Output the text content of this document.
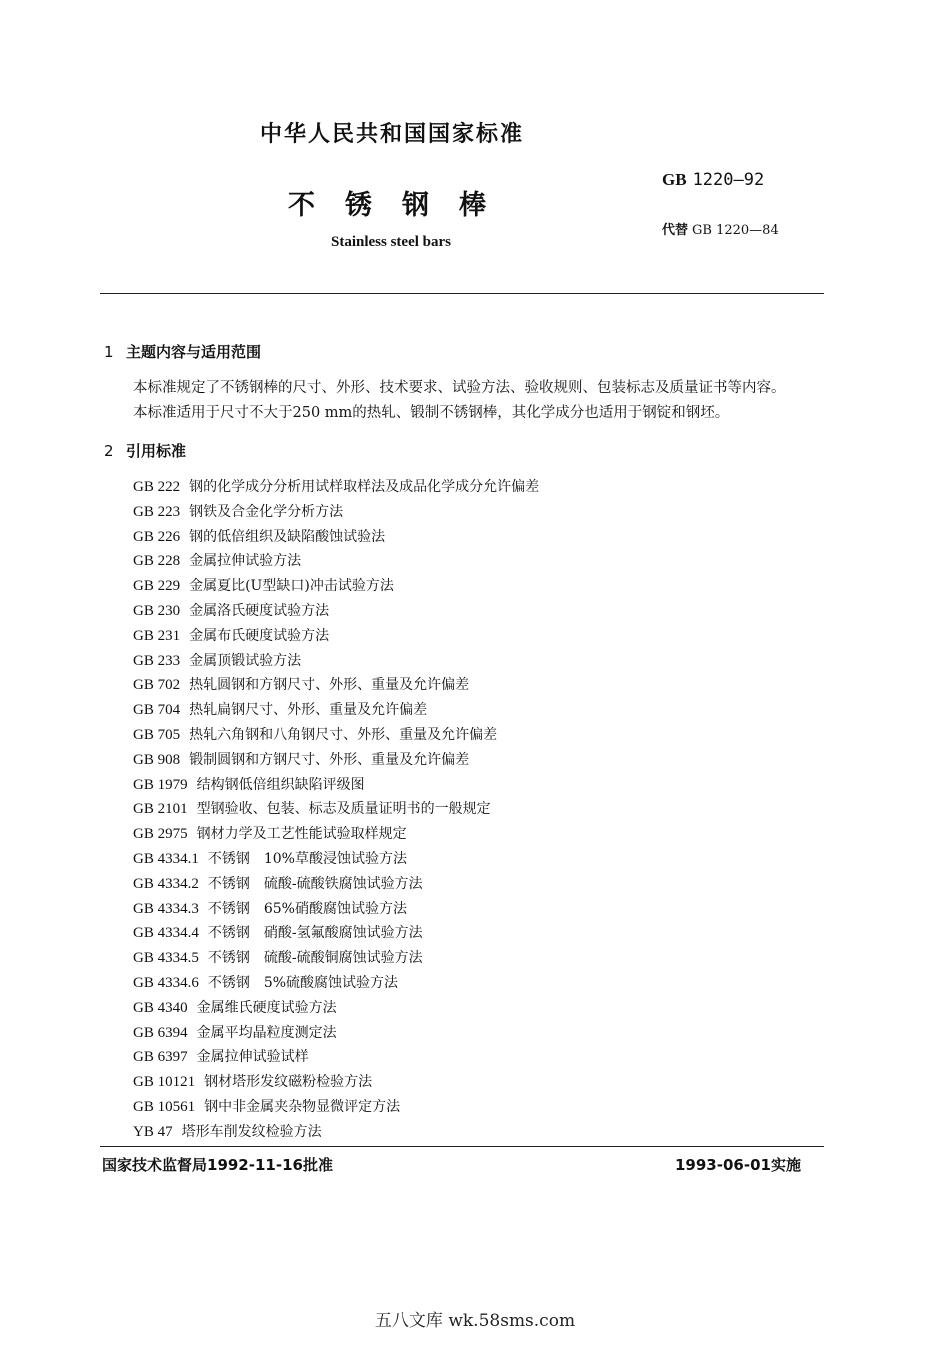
中华人民共和国国家标准
不锈钢棒
Stainless steel bars
GB 1220—92
代替 GB 1220—84
1 主题内容与适用范围
本标准规定了不锈钢棒的尺寸、外形、技术要求、试验方法、验收规则、包装标志及质量证书等内容。
本标准适用于尺寸不大于250 mm的热轧、锻制不锈钢棒，其化学成分也适用于钢锭和钢坯。
2 引用标准
GB 222 钢的化学成分分析用试样取样法及成品化学成分允许偏差
GB 223 钢铁及合金化学分析方法
GB 226 钢的低倍组织及缺陷酸蚀试验法
GB 228 金属拉伸试验方法
GB 229 金属夏比(U型缺口)冲击试验方法
GB 230 金属洛氏硬度试验方法
GB 231 金属布氏硬度试验方法
GB 233 金属顶锻试验方法
GB 702 热轧圆钢和方钢尺寸、外形、重量及允许偏差
GB 704 热轧扁钢尺寸、外形、重量及允许偏差
GB 705 热轧六角钢和八角钢尺寸、外形、重量及允许偏差
GB 908 锻制圆钢和方钢尺寸、外形、重量及允许偏差
GB 1979 结构钢低倍组织缺陷评级图
GB 2101 型钢验收、包装、标志及质量证明书的一般规定
GB 2975 钢材力学及工艺性能试验取样规定
GB 4334.1 不锈钢　10%草酸浸蚀试验方法
GB 4334.2 不锈钢　硫酸-硫酸铁腐蚀试验方法
GB 4334.3 不锈钢　65%硝酸腐蚀试验方法
GB 4334.4 不锈钢　硝酸-氢氟酸腐蚀试验方法
GB 4334.5 不锈钢　硫酸-硫酸铜腐蚀试验方法
GB 4334.6 不锈钢　5%硫酸腐蚀试验方法
GB 4340 金属维氏硬度试验方法
GB 6394 金属平均晶粒度测定法
GB 6397 金属拉伸试验试样
GB 10121 钢材塔形发纹磁粉检验方法
GB 10561 钢中非金属夹杂物显微评定方法
YB 47 塔形车削发纹检验方法
国家技术监督局1992-11-16批准	1993-06-01实施
五八文库 wk.58sms.com
